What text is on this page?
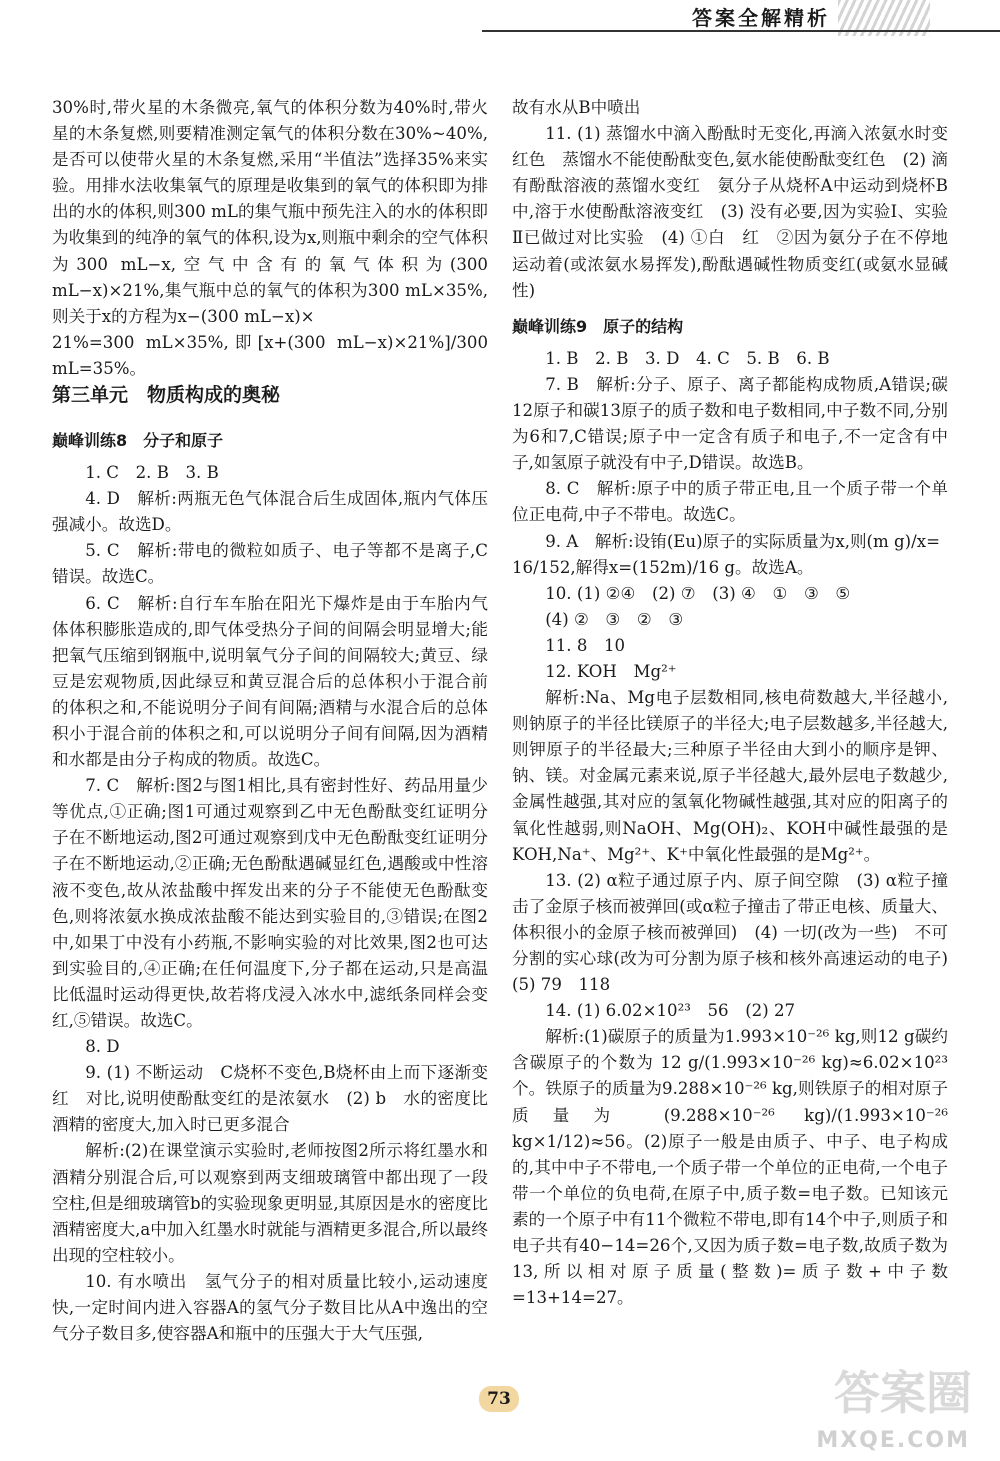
答案全解精析

30%时,带火星的木条微亮,氧气的体积分数为40%时,带火星的木条复燃,则要精准测定氧气的体积分数在30%~40%,是否可以使带火星的木条复燃,采用“半值法”选择35%来实验。用排水法收集氧气的原理是收集到的氧气的体积即为排出的水的体积,则300 mL的集气瓶中预先注入的水的体积即为收集到的纯净的氧气的体积,设为x,则瓶中剩余的空气体积为300 mL−x,空气中含有的氧气体积为(300 mL−x)×21%,集气瓶中总的氧气的体积为300 mL×35%,则关于x的方程为x−(300 mL−x)×

21%=300 mL×35%,即[x+(300 mL−x)×21%]/300 mL=35%。

第三单元　物质构成的奥秘

巅峰训练8　分子和原子

1. C　2. B　3. B

4. D　解析:两瓶无色气体混合后生成固体,瓶内气体压强减小。故选D。

5. C　解析:带电的微粒如质子、电子等都不是离子,C错误。故选C。

6. C　解析:自行车车胎在阳光下爆炸是由于车胎内气体体积膨胀造成的,即气体受热分子间的间隔会明显增大;能把氧气压缩到钢瓶中,说明氧气分子间的间隔较大;黄豆、绿豆是宏观物质,因此绿豆和黄豆混合后的总体积小于混合前的体积之和,不能说明分子间有间隔;酒精与水混合后的总体积小于混合前的体积之和,可以说明分子间有间隔,因为酒精和水都是由分子构成的物质。故选C。

7. C　解析:图2与图1相比,具有密封性好、药品用量少等优点,①正确;图1可通过观察到乙中无色酚酞变红证明分子在不断地运动,图2可通过观察到戊中无色酚酞变红证明分子在不断地运动,②正确;无色酚酞遇碱显红色,遇酸或中性溶液不变色,故从浓盐酸中挥发出来的分子不能使无色酚酞变色,则将浓氨水换成浓盐酸不能达到实验目的,③错误;在图2中,如果丁中没有小药瓶,不影响实验的对比效果,图2也可达到实验目的,④正确;在任何温度下,分子都在运动,只是高温比低温时运动得更快,故若将戊浸入冰水中,滤纸条同样会变红,⑤错误。故选C。

8. D

9. (1) 不断运动　C烧杯不变色,B烧杯由上而下逐渐变红　对比,说明使酚酞变红的是浓氨水　(2) b　水的密度比酒精的密度大,加入时已更多混合

解析:(2)在课堂演示实验时,老师按图2所示将红墨水和酒精分别混合后,可以观察到两支细玻璃管中都出现了一段空柱,但是细玻璃管b的实验现象更明显,其原因是水的密度比酒精密度大,a中加入红墨水时就能与酒精更多混合,所以最终出现的空柱较小。

10. 有水喷出　氢气分子的相对质量比较小,运动速度快,一定时间内进入容器A的氢气分子数目比从A中逸出的空气分子数目多,使容器A和瓶中的压强大于大气压强,

故有水从B中喷出

11. (1) 蒸馏水中滴入酚酞时无变化,再滴入浓氨水时变红色　蒸馏水不能使酚酞变色,氨水能使酚酞变红色　(2) 滴有酚酞溶液的蒸馏水变红　氨分子从烧杯A中运动到烧杯B中,溶于水使酚酞溶液变红　(3) 没有必要,因为实验Ⅰ、实验Ⅱ已做过对比实验　(4) ①白　红　②因为氨分子在不停地运动着(或浓氨水易挥发),酚酞遇碱性物质变红(或氨水显碱性)

巅峰训练9　原子的结构

1. B　2. B　3. D　4. C　5. B　6. B

7. B　解析:分子、原子、离子都能构成物质,A错误;碳12原子和碳13原子的质子数和电子数相同,中子数不同,分别为6和7,C错误;原子中一定含有质子和电子,不一定含有中子,如氢原子就没有中子,D错误。故选B。

8. C　解析:原子中的质子带正电,且一个质子带一个单位正电荷,中子不带电。故选C。

9. A　解析:设铕(Eu)原子的实际质量为x,则(m g)/x=

16/152,解得x=(152m)/16 g。故选A。

10. (1) ②④　(2) ⑦　(3) ④　①　③　⑤

(4) ②　③　②　③

11. 8　10

12. KOH　Mg²⁺

解析:Na、Mg电子层数相同,核电荷数越大,半径越小,则钠原子的半径比镁原子的半径大;电子层数越多,半径越大,则钾原子的半径最大;三种原子半径由大到小的顺序是钾、钠、镁。对金属元素来说,原子半径越大,最外层电子数越少,金属性越强,其对应的氢氧化物碱性越强,其对应的阳离子的氧化性越弱,则NaOH、Mg(OH)₂、KOH中碱性最强的是KOH,Na⁺、Mg²⁺、K⁺中氧化性最强的是Mg²⁺。

13. (2) α粒子通过原子内、原子间空隙　(3) α粒子撞击了金原子核而被弹回(或α粒子撞击了带正电核、质量大、体积很小的金原子核而被弹回)　(4) 一切(改为一些)　不可分割的实心球(改为可分割为原子核和核外高速运动的电子)　(5) 79　118

14. (1) 6.02×10²³　56　(2) 27

解析:(1)碳原子的质量为1.993×10⁻²⁶ kg,则12 g碳约含碳原子的个数为 12 g/(1.993×10⁻²⁶ kg)≈6.02×10²³个。铁原子的质量为9.288×10⁻²⁶ kg,则铁原子的相对原子质量为 (9.288×10⁻²⁶ kg)/(1.993×10⁻²⁶ kg×1/12)≈56。(2)原子一般是由质子、中子、电子构成的,其中中子不带电,一个质子带一个单位的正电荷,一个电子带一个单位的负电荷,在原子中,质子数=电子数。已知该元素的一个原子中有11个微粒不带电,即有14个中子,则质子和电子共有40−14=26个,又因为质子数=电子数,故质子数为13,所以相对原子质量(整数)=质子数+中子数=13+14=27。

73	答案圈
MXQE.COM
